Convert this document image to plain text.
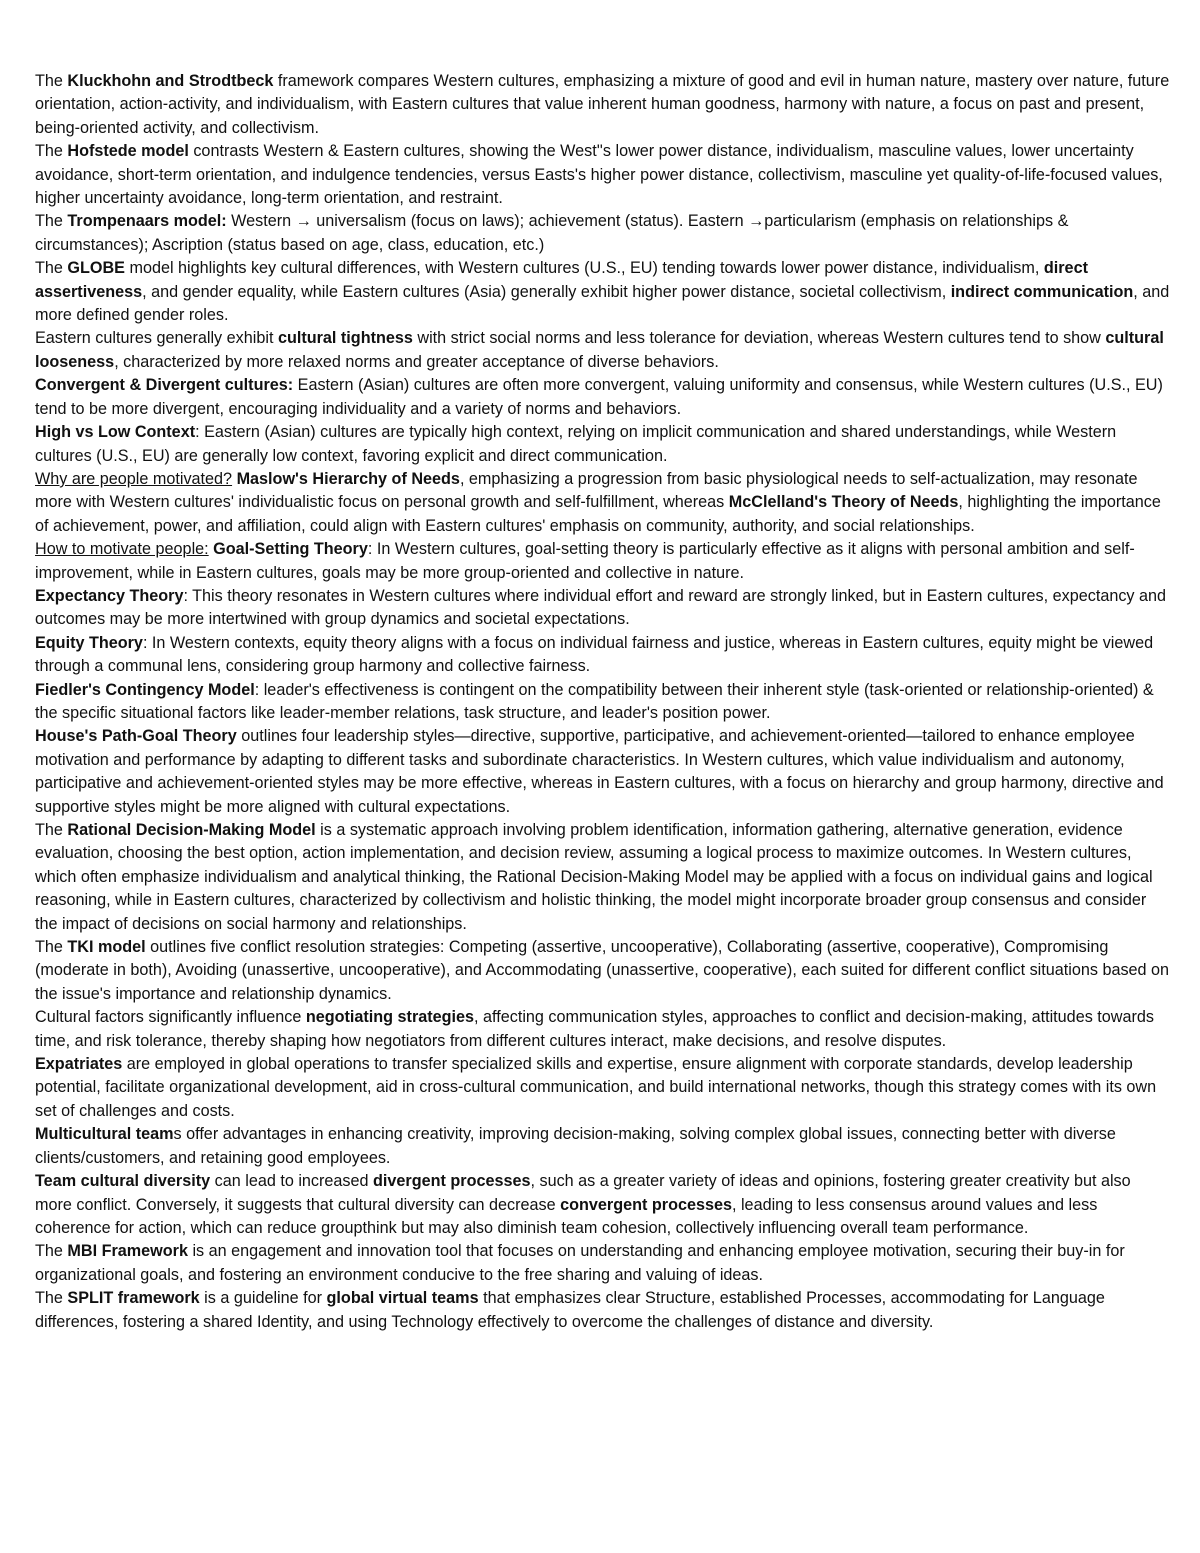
The Kluckhohn and Strodtbeck framework compares Western cultures, emphasizing a mixture of good and evil in human nature, mastery over nature, future orientation, action-activity, and individualism, with Eastern cultures that value inherent human goodness, harmony with nature, a focus on past and present, being-oriented activity, and collectivism.

The Hofstede model contrasts Western & Eastern cultures, showing the West''s lower power distance, individualism, masculine values, lower uncertainty avoidance, short-term orientation, and indulgence tendencies, versus Easts's higher power distance, collectivism, masculine yet quality-of-life-focused values, higher uncertainty avoidance, long-term orientation, and restraint.

The Trompenaars model: Western → universalism (focus on laws); achievement (status). Eastern →particularism (emphasis on relationships & circumstances); Ascription (status based on age, class, education, etc.)

The GLOBE model highlights key cultural differences, with Western cultures (U.S., EU) tending towards lower power distance, individualism, direct assertiveness, and gender equality, while Eastern cultures (Asia) generally exhibit higher power distance, societal collectivism, indirect communication, and more defined gender roles.

Eastern cultures generally exhibit cultural tightness with strict social norms and less tolerance for deviation, whereas Western cultures tend to show cultural looseness, characterized by more relaxed norms and greater acceptance of diverse behaviors.

Convergent & Divergent cultures: Eastern (Asian) cultures are often more convergent, valuing uniformity and consensus, while Western cultures (U.S., EU) tend to be more divergent, encouraging individuality and a variety of norms and behaviors.

High vs Low Context: Eastern (Asian) cultures are typically high context, relying on implicit communication and shared understandings, while Western cultures (U.S., EU) are generally low context, favoring explicit and direct communication.

Why are people motivated? Maslow's Hierarchy of Needs, emphasizing a progression from basic physiological needs to self-actualization, may resonate more with Western cultures' individualistic focus on personal growth and self-fulfillment, whereas McClelland's Theory of Needs, highlighting the importance of achievement, power, and affiliation, could align with Eastern cultures' emphasis on community, authority, and social relationships.

How to motivate people: Goal-Setting Theory: In Western cultures, goal-setting theory is particularly effective as it aligns with personal ambition and self-improvement, while in Eastern cultures, goals may be more group-oriented and collective in nature.

Expectancy Theory: This theory resonates in Western cultures where individual effort and reward are strongly linked, but in Eastern cultures, expectancy and outcomes may be more intertwined with group dynamics and societal expectations.

Equity Theory: In Western contexts, equity theory aligns with a focus on individual fairness and justice, whereas in Eastern cultures, equity might be viewed through a communal lens, considering group harmony and collective fairness.

Fiedler's Contingency Model: leader's effectiveness is contingent on the compatibility between their inherent style (task-oriented or relationship-oriented) & the specific situational factors like leader-member relations, task structure, and leader's position power.

House's Path-Goal Theory outlines four leadership styles—directive, supportive, participative, and achievement-oriented—tailored to enhance employee motivation and performance by adapting to different tasks and subordinate characteristics. In Western cultures, which value individualism and autonomy, participative and achievement-oriented styles may be more effective, whereas in Eastern cultures, with a focus on hierarchy and group harmony, directive and supportive styles might be more aligned with cultural expectations.

The Rational Decision-Making Model is a systematic approach involving problem identification, information gathering, alternative generation, evidence evaluation, choosing the best option, action implementation, and decision review, assuming a logical process to maximize outcomes. In Western cultures, which often emphasize individualism and analytical thinking, the Rational Decision-Making Model may be applied with a focus on individual gains and logical reasoning, while in Eastern cultures, characterized by collectivism and holistic thinking, the model might incorporate broader group consensus and consider the impact of decisions on social harmony and relationships.

The TKI model outlines five conflict resolution strategies: Competing (assertive, uncooperative), Collaborating (assertive, cooperative), Compromising (moderate in both), Avoiding (unassertive, uncooperative), and Accommodating (unassertive, cooperative), each suited for different conflict situations based on the issue's importance and relationship dynamics.

Cultural factors significantly influence negotiating strategies, affecting communication styles, approaches to conflict and decision-making, attitudes towards time, and risk tolerance, thereby shaping how negotiators from different cultures interact, make decisions, and resolve disputes.

Expatriates are employed in global operations to transfer specialized skills and expertise, ensure alignment with corporate standards, develop leadership potential, facilitate organizational development, aid in cross-cultural communication, and build international networks, though this strategy comes with its own set of challenges and costs.

Multicultural teams offer advantages in enhancing creativity, improving decision-making, solving complex global issues, connecting better with diverse clients/customers, and retaining good employees.

Team cultural diversity can lead to increased divergent processes, such as a greater variety of ideas and opinions, fostering greater creativity but also more conflict. Conversely, it suggests that cultural diversity can decrease convergent processes, leading to less consensus around values and less coherence for action, which can reduce groupthink but may also diminish team cohesion, collectively influencing overall team performance.

The MBI Framework is an engagement and innovation tool that focuses on understanding and enhancing employee motivation, securing their buy-in for organizational goals, and fostering an environment conducive to the free sharing and valuing of ideas.

The SPLIT framework is a guideline for global virtual teams that emphasizes clear Structure, established Processes, accommodating for Language differences, fostering a shared Identity, and using Technology effectively to overcome the challenges of distance and diversity.
